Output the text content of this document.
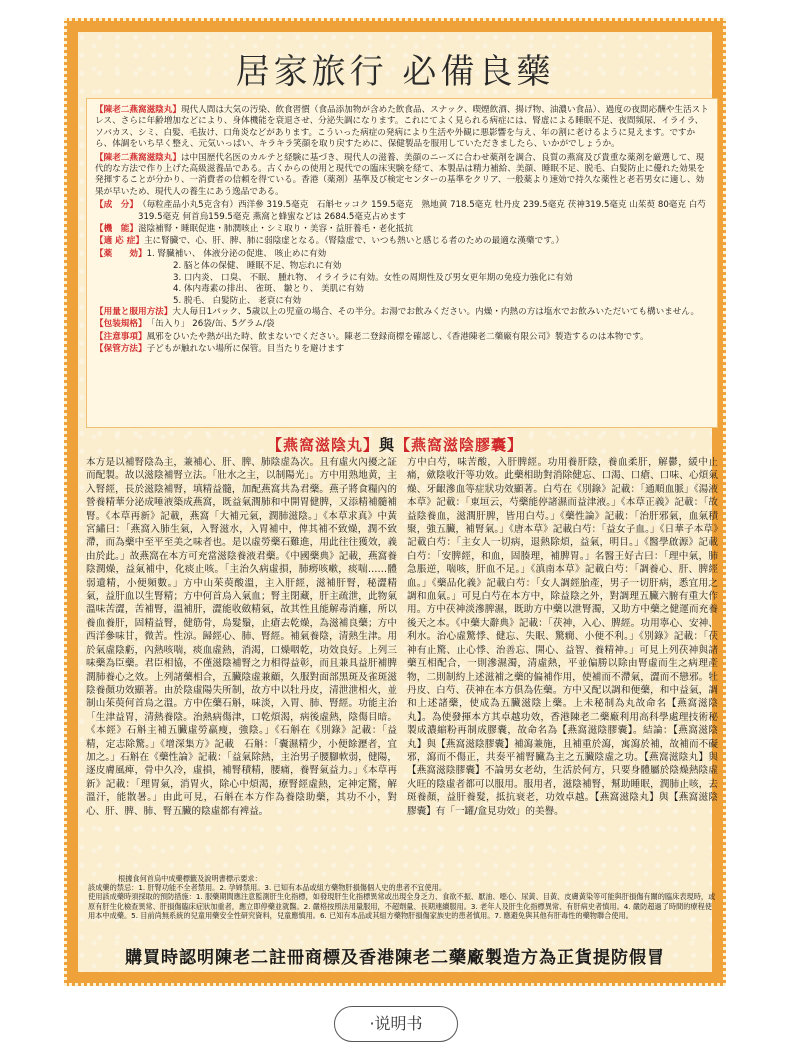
居家旅行 必備良藥

【陳老二燕窩滋陰丸】現代人間は大気の汚染、飲食習慣（食品添加物が含めた飲食品、スナック、喫煙飲酒、揚げ物、油濃い食品）、過度の夜間応酬や生活ストレス、さらに年齢増加などにより、身体機能を衰退させ、分泌失調になります。これにてよく見られる病症には、腎虚による睡眠不足、夜間頻尿、イライラ、ソバカス、シミ、白髪、毛抜け、口角炎などがあります。こういった病症の発病により生活や外観に悪影響を与え、年の割に老けるように見えます。ですから、体調をいち早く整え、元気いっぱい、キラキラ笑顔を取り戻すために、保健製品を服用していただきましたら、いかがでしょうか。

【陳老二燕窩滋陰丸】は中国歴代名医のカルテと経験に基づき、現代人の滋養、美顔のニーズに合わせ薬剤を調合、良質の燕窩及び貴重な薬剤を厳選して、現代的な方法で作り上げた高級滋養品である。古くからの使用と現代での臨床実験を経て、本製品は精力補給、美顔、睡眠不足、脱毛、白髪防止に優れた効果を発揮することが分かり、一消費者の信頼を得ている。香港（薬剤）基準及び検定センターの基準をクリア、一般薬より速効で持久な薬性と老若男女に適し、効果が早いため、現代人の養生にあう逸品である。

【成　分】 （毎粒產品小丸5克含有）西洋參 319.5毫克　石斛セッコク 159.5毫克　熟地黄 718.5毫克 牡丹皮 239.5毫克 茯神319.5毫克 山茱萸 80毫克 白芍319.5毫克 何首烏159.5毫克 燕窩と蜂蜜などは 2684.5毫克占めます
【機　能】 滋陰補腎・睡眠促進・肺潤咳止・シミ取り・美容・益肝養毛・老化抵抗
【適 応 症】 主に腎臓で、心、肝、脾、肺に弱陰虚となる。（腎陰虚で、いつも熱いと感じる者のための最適な漢藥です。）
【薬　　効】 1. 腎臓補い、 体液分泌の促進、 咳止めに有効
2. 脳と体の保健、 睡眠不足、物忘れに有効
3. 口内炎、 口臭、 不眠、 腫れ物、 イライラに有効。女性の周期性及び男女更年期の免疫力強化に有効
4. 体内毒素の排出、 雀斑、 皺とり、 美肌に有効
5. 脱毛、 白髪防止、 老衰に有効
【用量と服用方法】 大人毎日1パック、5歳以上の児童の場合、その半分。お湯でお飲みください。内燥・内熱の方は塩水でお飲みいただいても構いません。
【包装規格】 「缶入り」 26袋/缶、5グラム/袋
【注意事項】 風邪をひいたや熱が出た時、飲まないでください。陳老二登録商標を確認し、《香港陳老二藥廠有限公司》製造するのは本物です。
【保管方法】 子どもが触れない場所に保管。目当たりを避けます
【燕窩滋陰丸】與【燕窩滋陰膠囊】
本方是以補腎陰為主，兼補心、肝、脾、肺陰虚為次。且有虛火內擾之証而配製。故以滋陰補腎立法。「壯水之主，以制陽光」。方中用熟地黄，主入腎經，長於滋陰補腎，填精益髓，加配燕窩共為君藥。燕子將食糧內的營養精華分泌成唾液築成燕窩，既益氣潤肺和中開胃健脾，又添精補髓補腎。《本草再新》記載，燕窩「大補元氣，潤肺滋陰。」《本草求真》中黃宮繡曰：「燕窩入肺生氣，入腎滋水，入胃補中，俾其補不致燥，潤不致滯，而為藥中至平至美之味者也。是以虛勞藥石難進，用此往往獲效，義由於此。」故燕窩在本方可充當滋陰養液君藥。《中國藥典》記載，燕窩養陰潤燥，益氣補中，化痰止咳。「主治久病虛損，肺癆咳嗽，痰喘……體弱遺精，小便頻數。」方中山茱萸酸溫，主入肝經，滋補肝腎，秘澀精氣，益肝血以生腎精；方中何首烏入氣血；腎主閉藏，肝主疏泄，此物氣溫味苦澀，苦補腎，溫補肝，澀能收斂精氣，故其性且能解毒消癰，所以養血養肝，固精益腎，健筋骨，烏髮鬚，止瘡去乾燥，為滋補良藥；方中西洋參味甘，微苦。性涼。歸經心、肺、腎經。補氣養陰，清熱生津。用於氣虛陰虧，內熱咳喘，痰血虛熱，消渴，口燥咽乾，功效良好。上列三味藥為臣藥。君臣相協，不僅滋陰補腎之力相得益彰，而且兼具益肝補脾潤肺養心之效。上列諸藥相合，五臟陰虛兼顧，久服對面部黑斑及雀斑滋陰養顏功效顯著。由於陰虛陽失所制，故方中以牡丹皮，清泄泄相火，並制山茱萸何首烏之溫。方中佐藥石斛，味淡，入胃、肺、腎經。功能主治「生津益胃，清熱養陰。治熱病傷津，口乾煩渴，病後虛熱，陰傷目暗。《本經》石斛主補五臟虛勞羸瘦，強陰。」《石斛在《別錄》記載：「益精，定志除驚。」《增深集方》記載　石斛：「囊濕精少，小便餘瀝者，宜加之。」石斛在《藥性論》記載：「益氣除熱，主治男子腰腳軟弱，健陽，逐皮膚風痺，骨中久冷，虛損，補腎積精，腰痛，養腎氣益力。」《本草再新》記載：「理胃氣，消胃火，除心中煩渴，療腎經虛熱，定神定驚，解溫汗，能散暑。」由此可見，石斛在本方作為養陰助藥，其功不小，對心、肝、脾、肺、腎五臟的陰虛都有裨益。
方中白芍，味苦酸，入肝脾經。功用養肝陰，養血柔肝，解鬱，緩中止痛，歛陰收汗等功效。此藥相助對消除健忘、口渴、口瘡、口味、心煩氣燥、牙齦滲血等症狀功效顯著。白芍在《別錄》記載：「通順血脈」《湯液本草》記載：「東垣云，芍藥能停諸濕而益津液。」《本草正義》記載：「故益陰養血，滋潤肝脾，皆用白芍。」《藥性論》記載：「治肝邪氣，血氣積聚，強五臟，補腎氣。」《唐本草》記載白芍：「益女子血。」《日華子本草》記載白芍：「主女人一切病，退熱除煩，益氣，明目。」《醫學啟源》記載白芍：「安脾經，和血，固腠理，補脾胃。」名醫王好古曰：「理中氣，肺急脹逆，喘咳，肝血不足。」《滇南本草》記載白芍：「調養心、肝、脾經血。」《藥品化義》記載白芍：「女人調經胎產，男子一切肝病，悉宜用之調和血氣。」可見白芍在本方中，除益陰之外，對調理五臟六腑有重大作用。方中茯神淡滲脾濕，既助方中藥以泄腎濁，又助方中藥之健運而充養後天之本。《中藥大辭典》記載：「茯神，入心、脾經。功用寧心、安神、利水。治心虛驚悸、健忘、失眠、驚癇、小便不利。」《別錄》記載：「茯神有止驚、止心悸、治善忘、開心、益智、養精神。」可見上列茯神與諸藥互相配合，一則滲濕濁，清虛熱，平並偏勝以除由腎虛而生之病理產物，二則制約上述滋補之藥的偏補作用，使補而不滯氣，澀而不戀邪。牡丹皮、白芍、茯神在本方俱為佐藥。方中又配以調和便藥，和中益氣，調和上述諸藥，使成為五臟滋陰上藥。上未秘制為丸故命名【燕窩滋陰丸】。為使發揮本方其卓越功效，香港陳老二藥廠利用高科學處理技術秘製成濃縮粉再制成膠囊，故命名為【燕窩滋陰膠囊】。結論：【燕窩滋陰丸】與【燕窩滋陰膠囊】補瀉兼施，且補重於瀉，寓瀉於補，故補而不礙邪，瀉而不傷正，共奏平補腎臟為主之五臟陰虛之功。【燕窩滋陰丸】與【燕窩滋陰膠囊】不論男女老幼，生活於何方，只要身體屬於陰燥熱陰虛火旺的陰虛者都可以服用。服用者，滋陰補腎，幫助睡眠，潤肺止咳，去斑養顏，益肝養髮，抵抗衰老，功效卓越。【燕窩滋陰丸】與【燕窩滋陰膠囊】有「一罐/盒見功效」的美譽。
根據食何首烏中成藥標籤及說明書標示要求：
該成藥的禁忌：1. 肝腎功能不全者禁用。2. 孕婦禁用。3. 已知有本品或組方藥物肝損傷個人史的患者不宜使用。
使用該成藥時須採取的預防措施：1. 服藥期間應注意監測肝生化指標，如發現肝生化指標異常或出現全身乏力、食欲不振、厭油、噁心、尿黃、目黃、皮膚黃染等可能與肝損傷有關的臨床表現時，或原有肝生化檢查異常、肝損傷臨床症狀加重者，應立即停藥並就醫。2. 嚴格按照法用量服用，不超劑量、長期連續服用。3. 老年人及肝生化指標異常、有肝病史者慎用。4. 嚴防超過了時間的療程使用本中成藥。5. 目前尚無系統的兒童用藥安全性研究資料，兒童應慎用。6. 已知有本品或其組方藥物肝損傷家族史的患者慎用。7. 應避免與其他有肝毒性的藥物聯合使用。
購買時認明陳老二註冊商標及香港陳老二藥廠製造方為正貨提防假冒
·说明书
